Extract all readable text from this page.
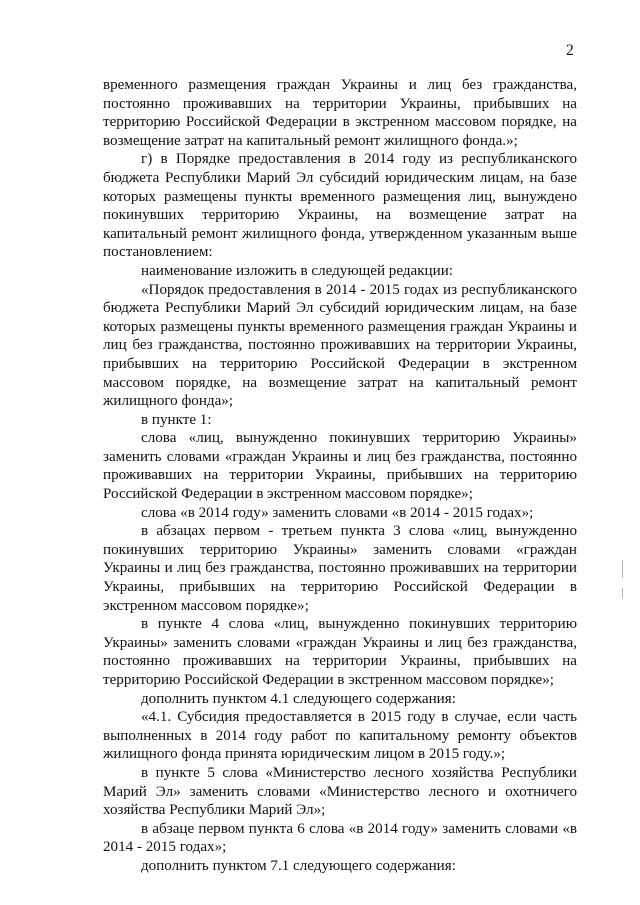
2

временного размещения граждан Украины и лиц без гражданства, постоянно проживавших на территории Украины, прибывших на территорию Российской Федерации в экстренном массовом порядке, на возмещение затрат на капитальный ремонт жилищного фонда.»;

г) в Порядке предоставления в 2014 году из республиканского бюджета Республики Марий Эл субсидий юридическим лицам, на базе которых размещены пункты временного размещения лиц, вынуждено покинувших территорию Украины, на возмещение затрат на капитальный ремонт жилищного фонда, утвержденном указанным выше постановлением:

наименование изложить в следующей редакции:

«Порядок предоставления в 2014 - 2015 годах из республиканского бюджета Республики Марий Эл субсидий юридическим лицам, на базе которых размещены пункты временного размещения граждан Украины и лиц без гражданства, постоянно проживавших на территории Украины, прибывших на территорию Российской Федерации в экстренном массовом порядке, на возмещение затрат на капитальный ремонт жилищного фонда»;

в пункте 1:

слова «лиц, вынужденно покинувших территорию Украины» заменить словами «граждан Украины и лиц без гражданства, постоянно проживавших на территории Украины, прибывших на территорию Российской Федерации в экстренном массовом порядке»;

слова «в 2014 году» заменить словами «в 2014 - 2015 годах»;

в абзацах первом - третьем пункта 3 слова «лиц, вынужденно покинувших территорию Украины» заменить словами «граждан Украины и лиц без гражданства, постоянно проживавших на территории Украины, прибывших на территорию Российской Федерации в экстренном массовом порядке»;

в пункте 4 слова «лиц, вынужденно покинувших территорию Украины» заменить словами «граждан Украины и лиц без гражданства, постоянно проживавших на территории Украины, прибывших на территорию Российской Федерации в экстренном массовом порядке»;

дополнить пунктом 4.1 следующего содержания:

«4.1. Субсидия предоставляется в 2015 году в случае, если часть выполненных в 2014 году работ по капитальному ремонту объектов жилищного фонда принята юридическим лицом в 2015 году.»;

в пункте 5 слова «Министерство лесного хозяйства Республики Марий Эл» заменить словами «Министерство лесного и охотничего хозяйства Республики Марий Эл»;

в абзаце первом пункта 6 слова «в 2014 году» заменить словами «в 2014 - 2015 годах»;

дополнить пунктом 7.1 следующего содержания:
